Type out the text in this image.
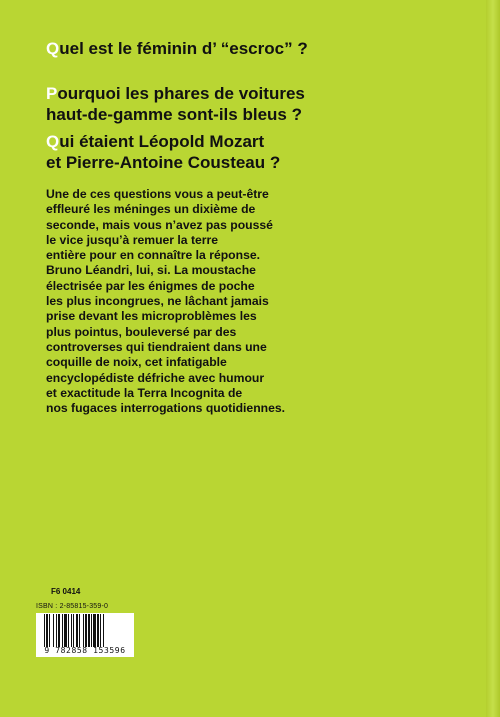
Quel est le féminin d’ “escroc” ?

Pourquoi les phares de voitures
haut-de-gamme sont-ils bleus ?

Qui étaient Léopold Mozart
et Pierre-Antoine Cousteau ?

Une de ces questions vous a peut-être
effleuré les méninges un dixième de
seconde, mais vous n’avez pas poussé
le vice jusqu’à remuer la terre
entière pour en connaître la réponse.
Bruno Léandri, lui, si. La moustache
électrisée par les énigmes de poche
les plus incongrues, ne lâchant jamais
prise devant les microproblèmes les
plus pointus, bouleversé par des
controverses qui tiendraient dans une
coquille de noix, cet infatigable
encyclopédiste défriche avec humour
et exactitude la Terra Incognita de
nos fugaces interrogations quotidiennes.

F6 0414
ISBN : 2-85815-359-0
9 782858 153596
